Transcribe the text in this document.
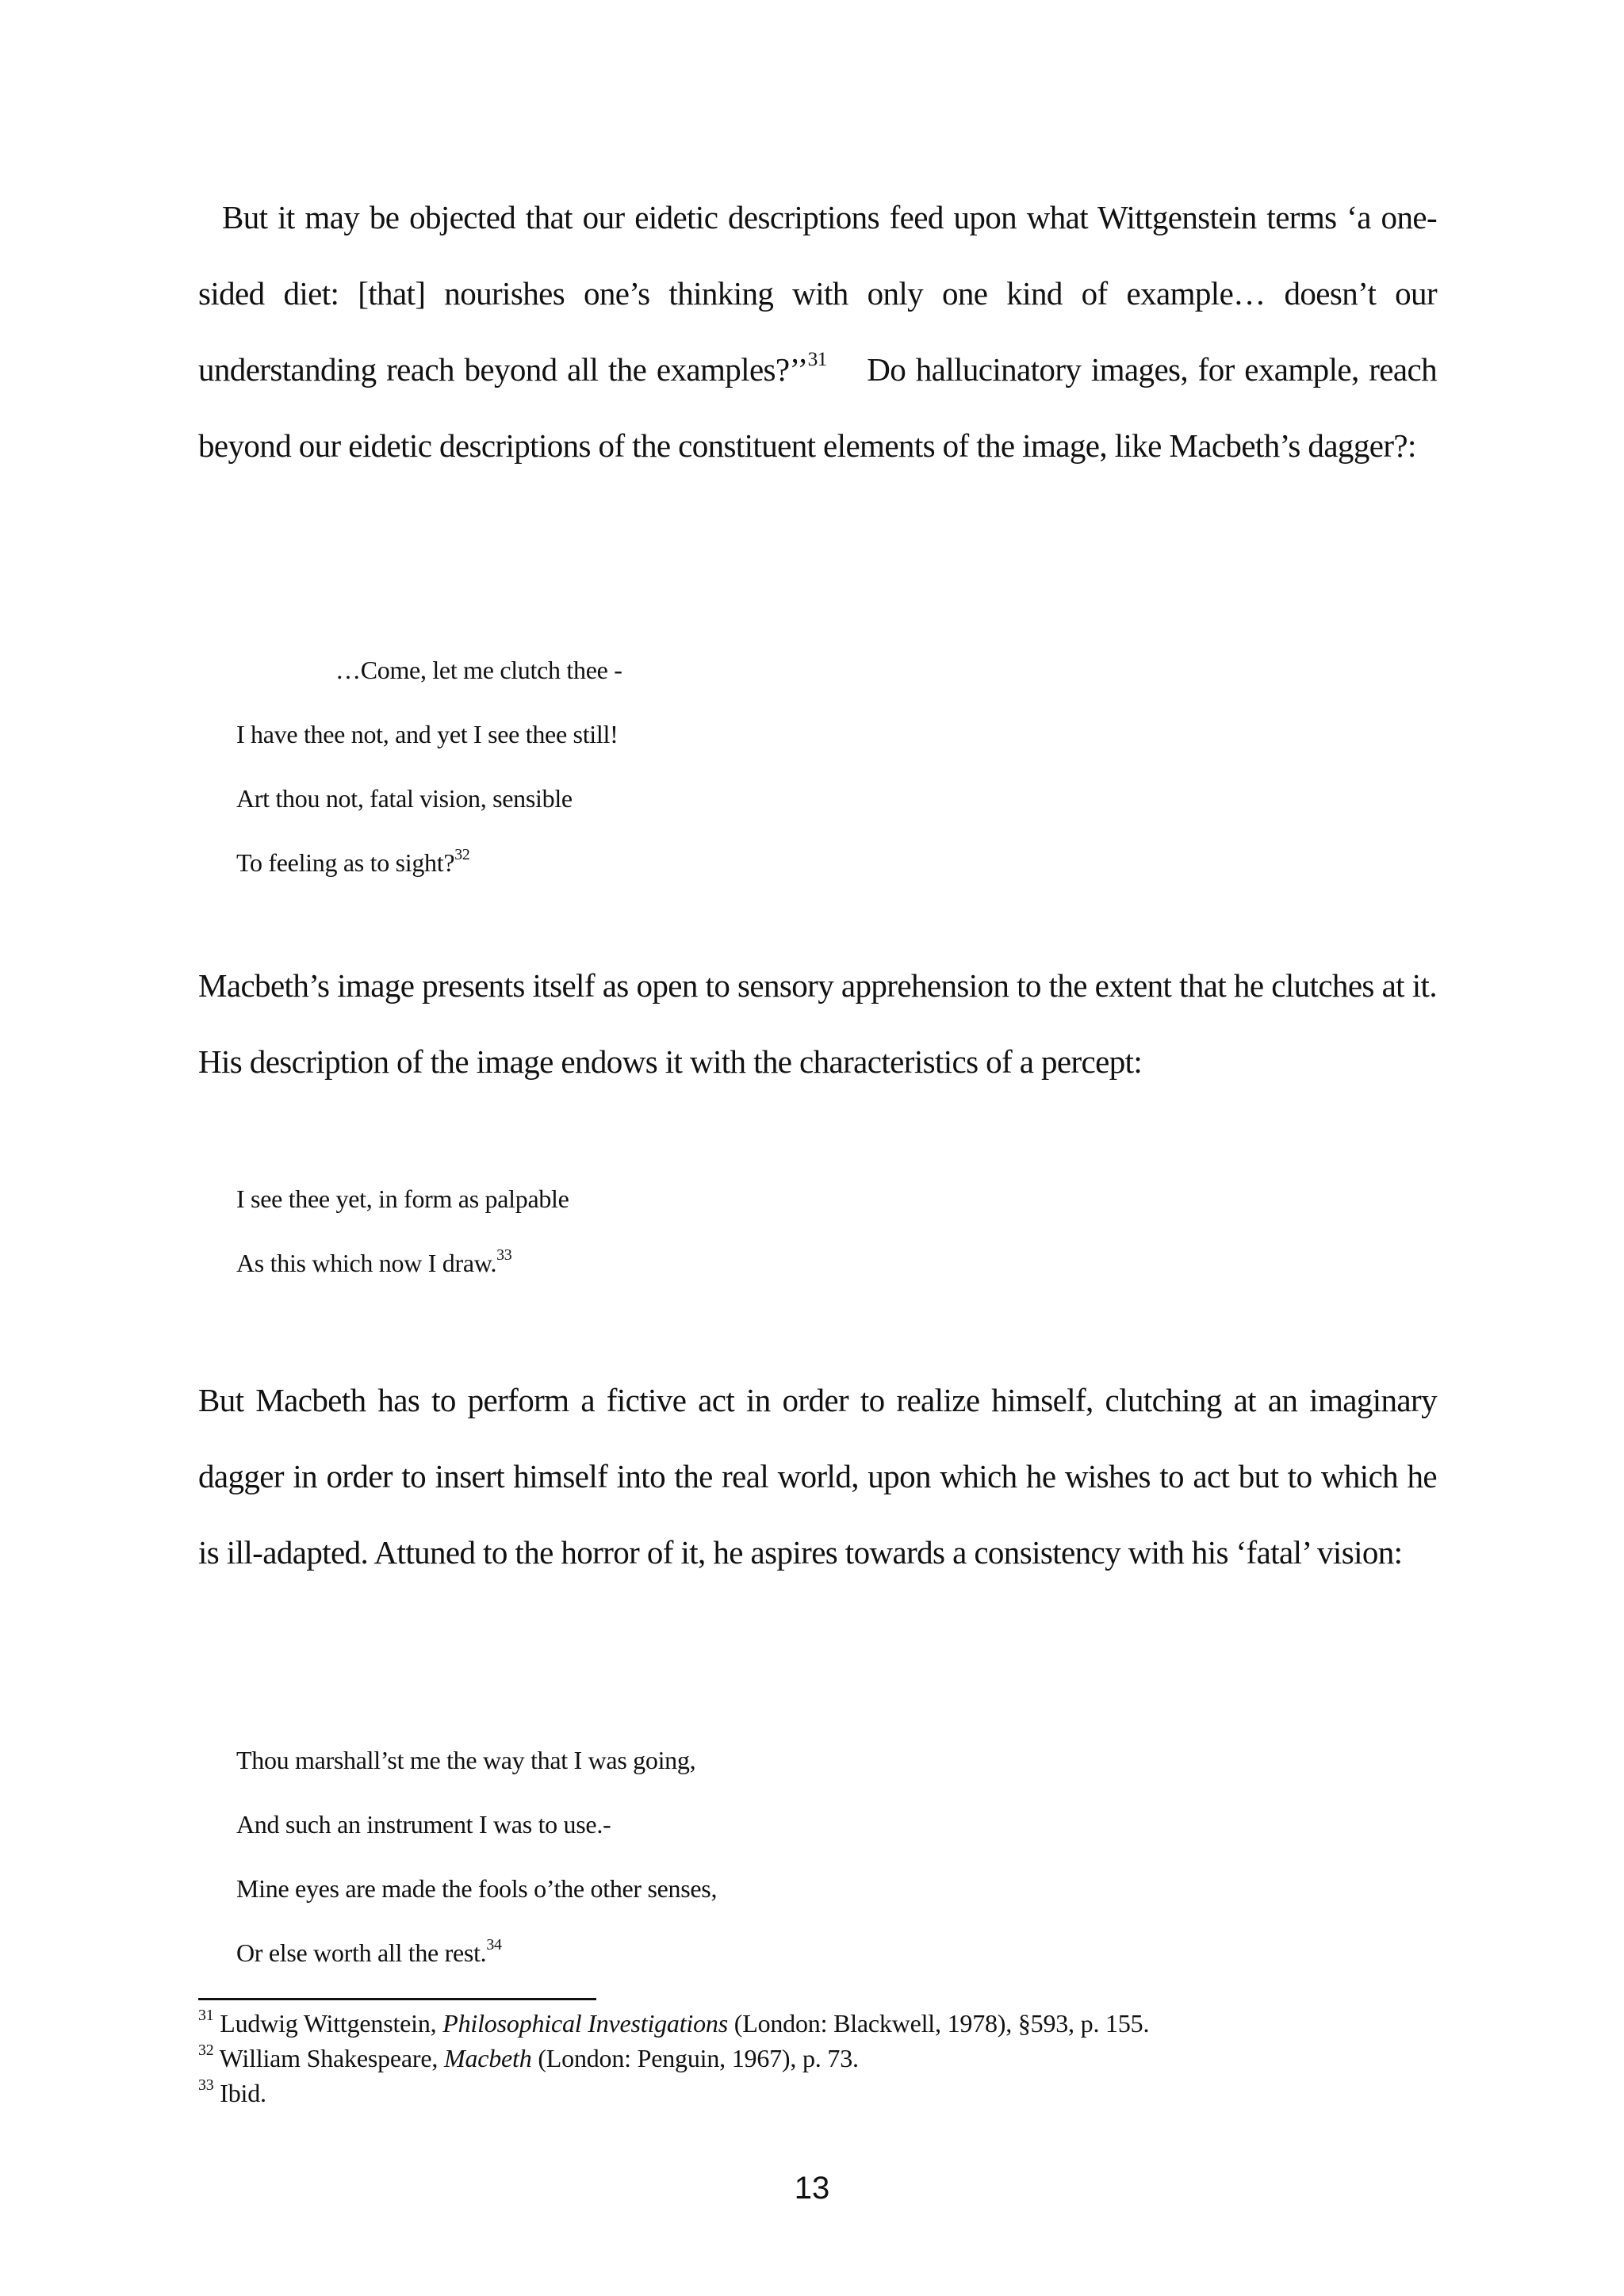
But it may be objected that our eidetic descriptions feed upon what Wittgenstein terms ‘a one-sided diet: [that] nourishes one’s thinking with only one kind of example… doesn’t our understanding reach beyond all the examples?’’$^{31}$ Do hallucinatory images, for example, reach beyond our eidetic descriptions of the constituent elements of the image, like Macbeth’s dagger?:

…Come, let me clutch thee -
I have thee not, and yet I see thee still!
Art thou not, fatal vision, sensible
To feeling as to sight?$^{32}$

Macbeth’s image presents itself as open to sensory apprehension to the extent that he clutches at it. His description of the image endows it with the characteristics of a percept:

I see thee yet, in form as palpable
As this which now I draw.$^{33}$

But Macbeth has to perform a fictive act in order to realize himself, clutching at an imaginary dagger in order to insert himself into the real world, upon which he wishes to act but to which he is ill-adapted. Attuned to the horror of it, he aspires towards a consistency with his ‘fatal’ vision:

Thou marshall’st me the way that I was going,
And such an instrument I was to use.-
Mine eyes are made the fools o’the other senses,
Or else worth all the rest.$^{34}$
$^{31}$ Ludwig Wittgenstein, Philosophical Investigations (London: Blackwell, 1978), §593, p. 155.
$^{32}$ William Shakespeare, Macbeth (London: Penguin, 1967), p. 73.
$^{33}$ Ibid.
13
